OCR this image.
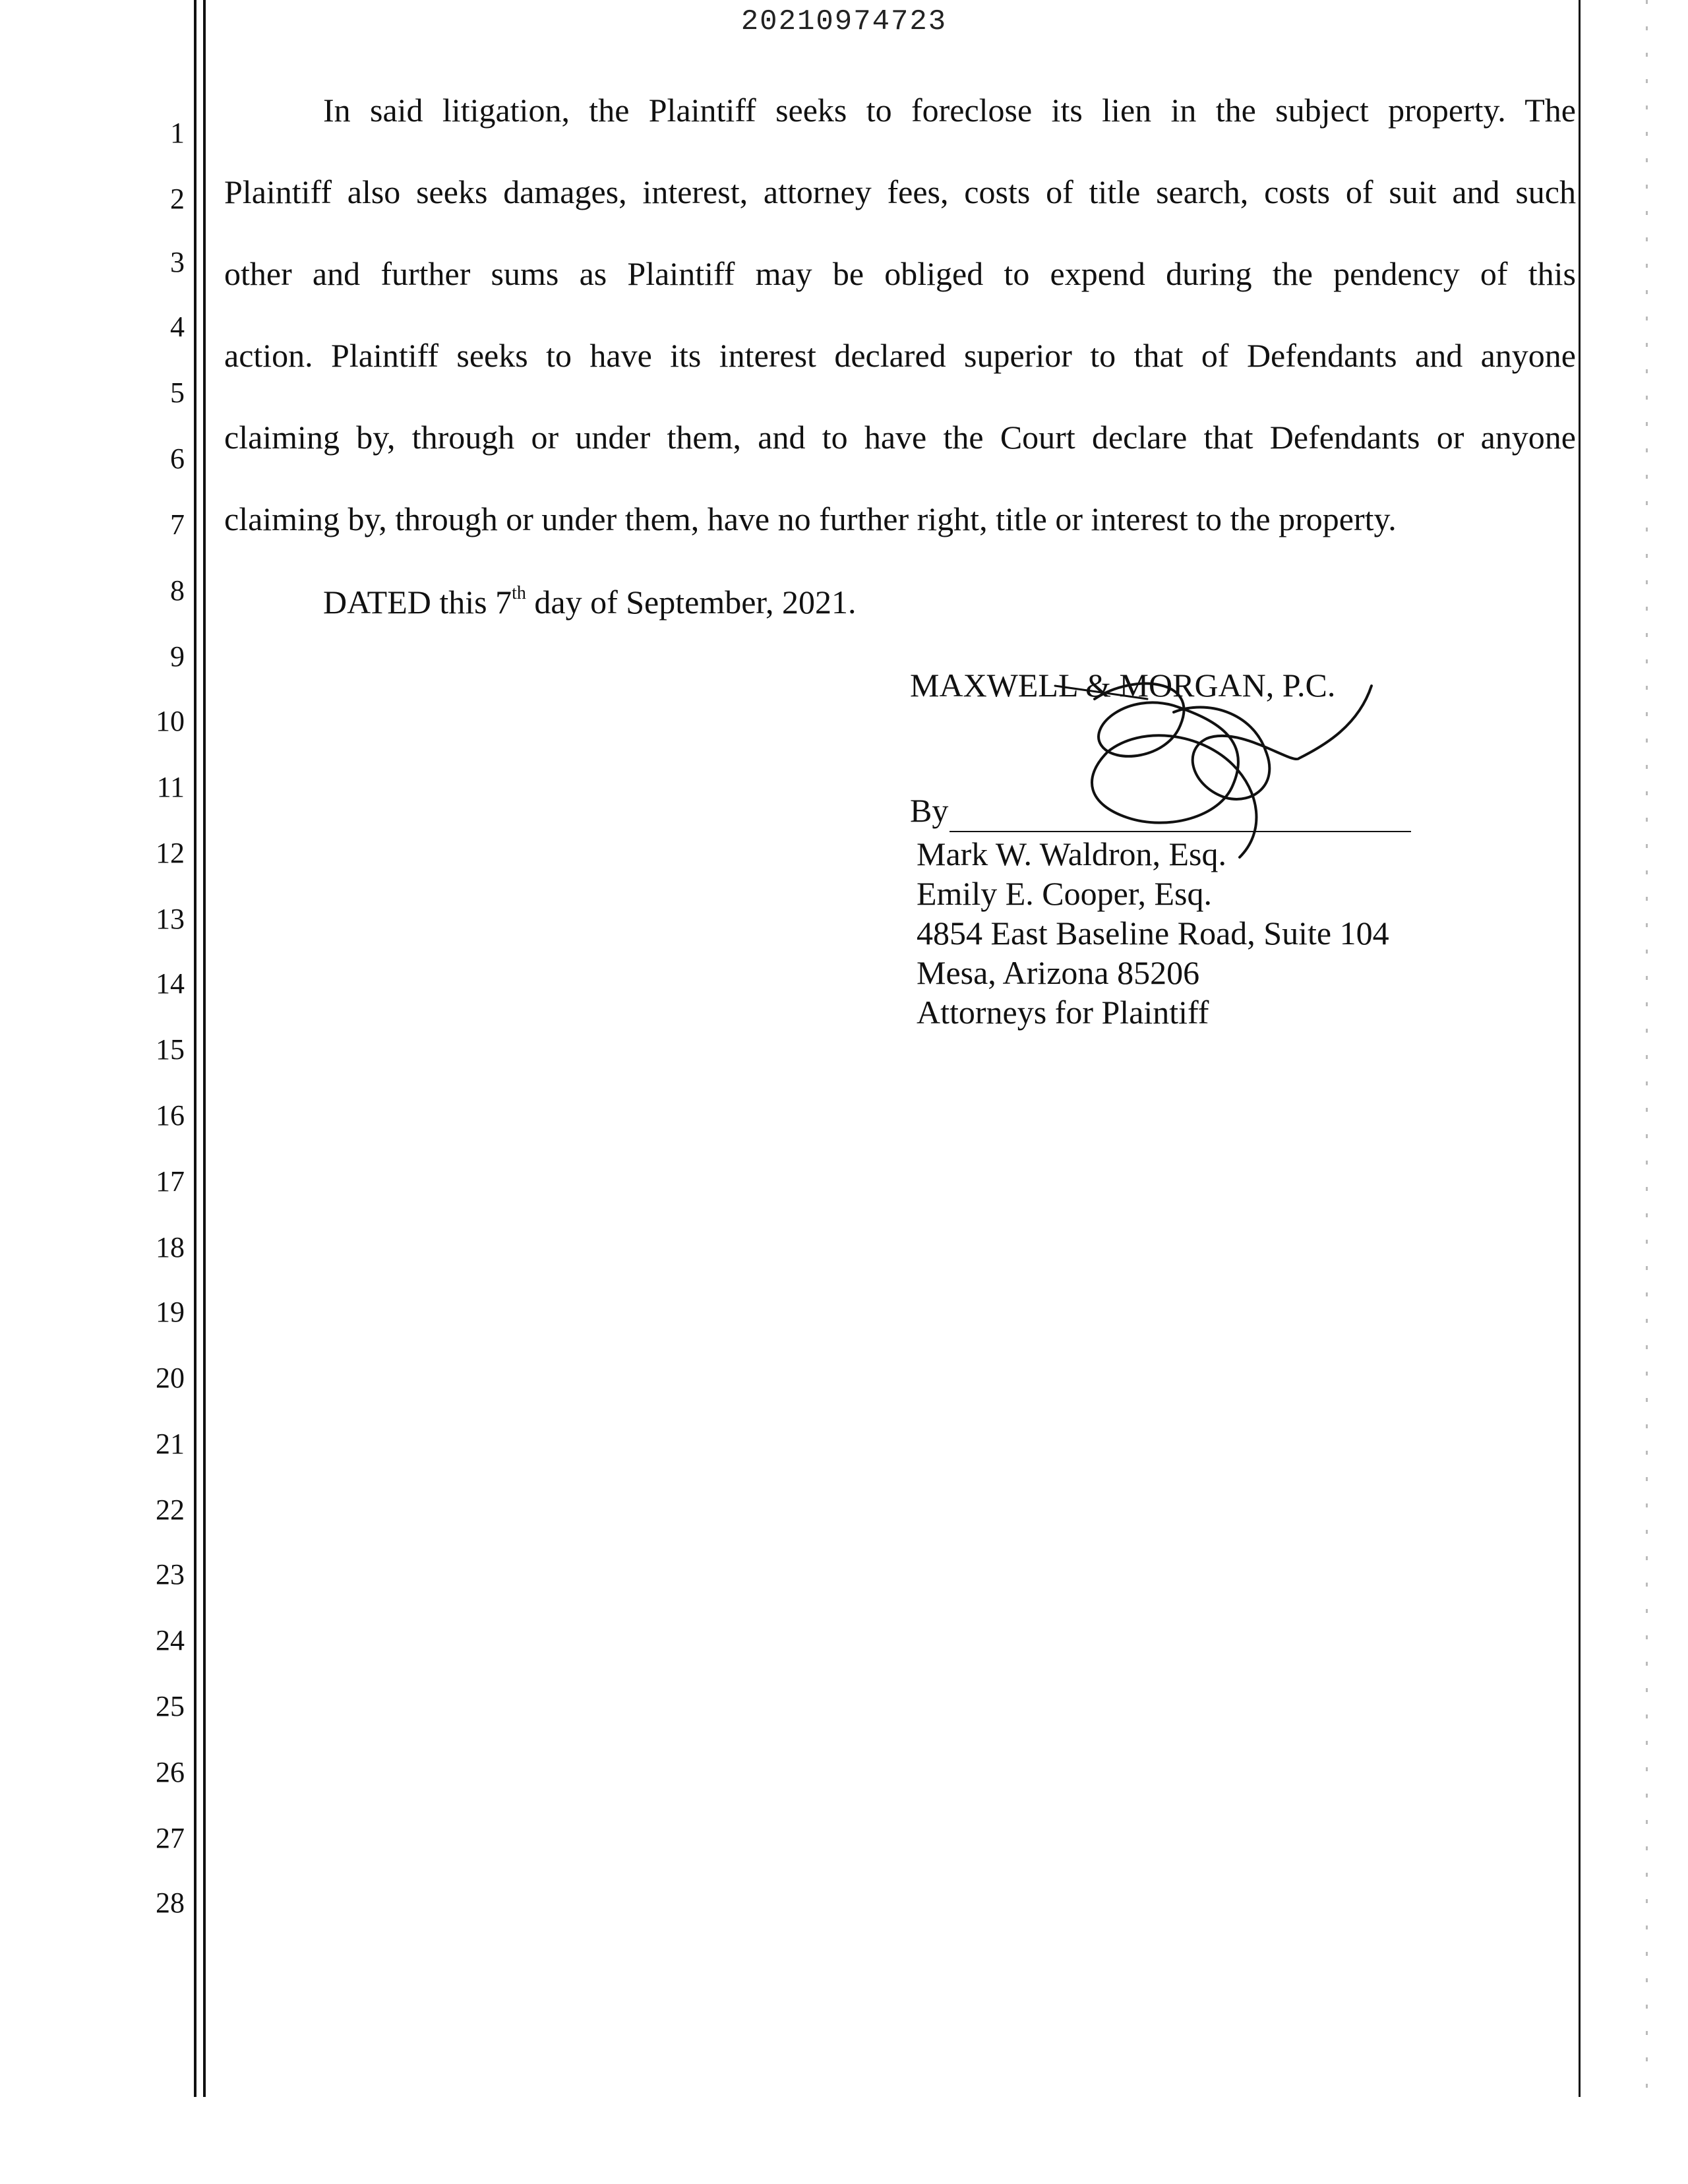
20210974723
1
2
3
4
5
6
7
8
9
10
11
12
13
14
15
16
17
18
19
20
21
22
23
24
25
26
27
28
In said litigation, the Plaintiff seeks to foreclose its lien in the subject property. The
Plaintiff also seeks damages, interest, attorney fees, costs of title search, costs of suit and such
other and further sums as Plaintiff may be obliged to expend during the pendency of this
action. Plaintiff seeks to have its interest declared superior to that of Defendants and anyone
claiming by, through or under them, and to have the Court declare that Defendants or anyone
claiming by, through or under them, have no further right, title or interest to the property.
DATED this 7th day of September, 2021.
MAXWELL & MORGAN, P.C.
By
Mark W. Waldron, Esq.
Emily E. Cooper, Esq.
4854 East Baseline Road, Suite 104
Mesa, Arizona 85206
Attorneys for Plaintiff
